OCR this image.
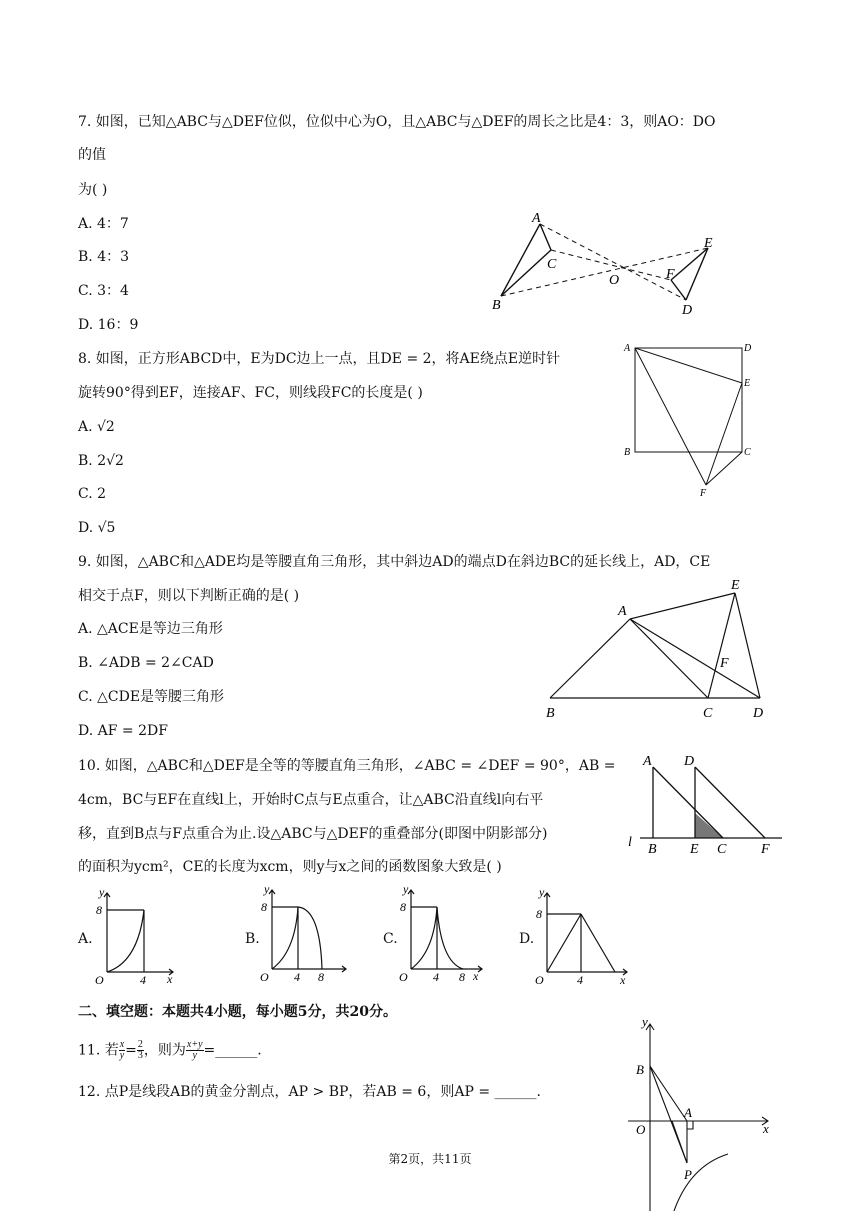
7. 如图，已知△ABC与△DEF位似，位似中心为O，且△ABC与△DEF的周长之比是4：3，则AO：DO
的值
为( )
A. 4：7
B. 4：3
C. 3：4
D. 16：9
A
B
C
O
E
F
D
8. 如图，正方形ABCD中，E为DC边上一点，且DE = 2，将AE绕点E逆时针
旋转90°得到EF，连接AF、FC，则线段FC的长度是( )
A. √2
B. 2√2
C. 2
D. √5
A	D
E
B	C
F
9. 如图，△ABC和△ADE均是等腰直角三角形，其中斜边AD的端点D在斜边BC的延长线上，AD，CE
相交于点F，则以下判断正确的是( )
A. △ACE是等边三角形
B. ∠ADB = 2∠CAD
C. △CDE是等腰三角形
D. AF = 2DF
E
A
F
B	C	D
10. 如图，△ABC和△DEF是全等的等腰直角三角形，∠ABC = ∠DEF = 90°，AB =
4cm，BC与EF在直线l上，开始时C点与E点重合，让△ABC沿直线l向右平
移，直到B点与F点重合为止.设△ABC与△DEF的重叠部分(即图中阴影部分)
的面积为ycm²，CE的长度为xcm，则y与x之间的函数图象大致是( )
A D
l B E C F
A.
y
8
O	4 x
B.
y
8
O 4 8
C.
y
8
O 4 8 x
D.
y
8
O	4	x
二、填空题：本题共4小题，每小题5分，共20分。
11. 若 $\frac{x}{y} = \frac{2}{3}$ ，则为 $\frac{x+y}{y}$ =______.
12. 点P是线段AB的黄金分割点，AP > BP，若AB = 6，则AP = ______.
y
B
A
O	x
P
第2页，共11页
